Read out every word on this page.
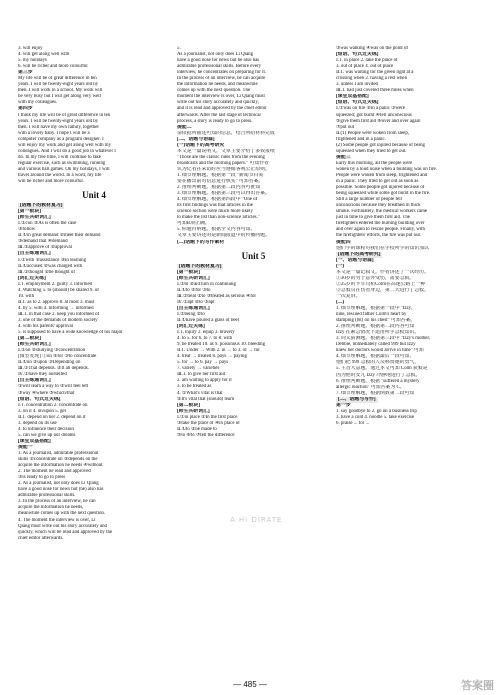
3. will enjoy
4. will get along well with
5. my holidays
6. will be richer and more colourful
第三步
My life will be of great difference in ten
years. I will be twenty-eight years old by
then. I will work in a school. My work will
be very busy but I will get along very well
with my colleagues.
第四步
I think my life will be of great difference in ten
years. I will be twenty-eight years old by
then. I will have my own family, together
with a lovely baby. I hope I will be a
computer company as a program designer. I
will enjoy my work and get along well with my
colleagues. And I will do a good job in whatever I
do. In my free time, I will continue to take
regular exercise, such as swimming, running
and various ball games. On my holidays, I will
travel around the world. In a word, my life
will be richer and more colourful.
Unit 4
[话题下的教材复习]
[第一板块]
[师生共研词汇]
Ⅰ.①con ②As is often the case
③follow
Ⅱ.①in great demand ②meet their demand
③demand that ④demand
Ⅲ.①approve of ②approval
[自主练通词汇]
Ⅰ.①with ②assistance ③in learning
Ⅱ.①accused ②was charged with
Ⅲ.①thought ②be thought of
[词汇过关练]
Ⅰ.1. employment 2. guilty 3. informed
4. Watching 5. to (should) be shared 9. of
10. with
Ⅱ.1. as to 2. approve 8. at most 3. must
4. by 5. with 4. informing → informed
Ⅲ.1. in that case 2. keep you informed of
3. one of the demands of modern society
4. with his parents' approval
5. is supposed to have a wide knowledge of his major
[第二板块]
[师生共研词汇]
Ⅰ.①on ②studying ③concentration
[微型发现] ①on ②for ③to concentrate
Ⅱ.①on ②upon ③Depending on
Ⅲ.①That depends. ②It all depends.
Ⅳ.①have they ourselfed
[自主练通词汇]
①will learn a way to ②will feel left
③way ④where ⑤which/that
[短语、句式过关练]
Ⅰ.1. concentration 2. concentrate on
3. on it 4. on/upon 5. get
Ⅱ.1. depend on her 2. depend on it
3. depend on its use
4. to influence their decision
5. can we give up our dreams
[课堂双基搭配]
提能一
1. As a journalist, admirable professional
skills ②concentrate on ③depends on the
acquire the information he needs ④without
2. The moment he read and approved
③is ready to go to press
2. As a journalist, not only does Li Qiang
have a good nose for news but (he) also has
admirable professional skills.
3. In the process of an interview, he can
acquire the information he needs,
meanwhile comes up with the next question.
4. The moment the interview is over, Li
Qiang must write out his story accurately and
quickly, which will be read and approved by the
chief editor afterwards.
5.
As a journalist, not only does Li Qiang
have a good nose for news but he also has
admirable professional skills. Before every
interview, he concentrates on preparing for it.
In the process of an interview, he can acquire
the information he needs, and meanwhile
comes up with the next question. The
moment the interview is over, Li Qiang must
write out his story accurately and quickly,
and it is read and approved by the chief editor
afterwards. After the last stage of technical
process, a story is ready to go to press.
提能二
请依据所描述可知的信息，结合所给材料完成
[二、话题与语篇]
(一)话题下的高考研究
本文是一篇说明文。文章主要介绍了多数报纸
"Those are the classic rules from the evening
broadcasts and the morning papers." 可知作者
认为记者在采访时应当遵循客观公正原则。
1. 细节理解题。根据第一段 "新闻节目需
要在播出前对信息进行核实" 可知答案。
2. 推理判断题。根据第二段内容可推知
3. 细节理解题。根据第三段可以得出答案。
4. 细节理解题。根据第四段中 "One of
its first findings was that articles in the
science section were much more likely
to make the list than non-science articles."
可知B项正确。
5. 标题归纳题。根据全文内容可知，
文章主要讲述的是新闻报道中的传播问题。
(二)话题下的写作素材
Unit 5
[话题下的教材复习]
[第一板块]
[师生共研词汇]
Ⅰ.①to ②aid him in continuing
Ⅱ.①to ②for ③to
Ⅲ.①treat ②to ③treated as serious ④for
Ⅳ.①apt ②to ③apt
[自主练通词汇]
Ⅰ.①being ②to
Ⅱ.①have poured a glass of beer
[词汇过关练]
Ⅰ.1. injury 2. equip 3. bravery
4. to 5. for 6. to 7. to 8. with
9. be treated 10. as 9. poisonous 10. bleeding
Ⅱ.1. Under → With 2. in → to 3. of → for
4. treat → treated 8. pays → paying
5. for → to 6. pay → pays
7. variety → varieties
Ⅲ.1. to give her first aid
2. am waiting to apply for it
3. to be treated as
4. ①What's vital is that
②It's vital that (should) learn
[第二板块]
[师生共研词汇]
Ⅰ.①in place ②In the first place
③take the place of ④in place of
Ⅱ.①to ②be made to
⑤to ⑥to ⑦tell the difference
③was walking ④was on the point of
[短语、句式过关练]
Ⅰ.1. in place 2. take the place of
3. out of place 4. out of place
Ⅱ.1. was waiting for the green light at a
crossing when 2. having a rest when
3. unless I am invited
Ⅲ.1. had just covered three miles when
[课堂双基搭配]
[短语、句式过关练]
Ⅰ.①was on fire ②in a panic ③were
squeezed; got burnt ④fell unconscious
⑤give them first aid ⑥over and over again
⑦put out
Ⅱ.(1) People were woken from sleep,
frightened and in a panic.
(2) Some people got injured because of being
squeezed when they tried to get out.
提能三
Early this morning, all the people were
woken by a loud noise when a building was on fire.
People were woken from sleep, frightened and
in a panic. They tried to get out as soon as
possible. Some people got injured because of
being squeezed while some got burnt in the fire.
Still a large number of people fell
unconscious because they breathed in thick
smoke. Fortunately, the medical workers came
just in time to give them first aid. The
firefighters entered the burning building over
and over again to rescue people. Finally, with
the firefighters' efforts, the fire was put out.
提能四
他们学的课程对我们在学校所学的知识加以
[话题下的高考研究]
[一、话题与语篇]
(一)
本文是一篇记叙文。作者讲述了一次经历。
①30岁的男子意外受伤，需要急救。
②25岁的卡车司机Colm在高速公路上一种
③急救员在伤者身边，第二天进行了急救。
一次复诉。
(二)
1. 细节理解题。根据第一段中 "Izzy,
nine, rescued father Colm's heart by
stamping (跺) on his chest" 可知答案。
2. 推理判断题。根据第二段内容可知
Izzy 在紧急情况下运用所学急救知识。
3. 词义猜测题。根据第三段中 "Izzy's mother,
Debbie, immediately called 999 but Izzy
knew her doctors would arrive in time" 可知
4. 细节理解题。根据最后一段可知，
他们把 999 急救的人员称赞她的勇气。
5. 主旨大意题。通过本文可知 Colm 获救是
因为他的女儿 Izzy 冷静地进行了急救。
6. 推理判断题。根据 "suffered a mystery
allergic reaction" 可知答案为 C。
7. 细节理解题。根据倒数第二段可知
[二、话题与写作]
第一步
1. say goodbye to 2. go on a business trip
3. have a cold 4. noodle 5. take exercise
6. praise ... for ...
A Hi DIRATE
— 485 —	答案圈
